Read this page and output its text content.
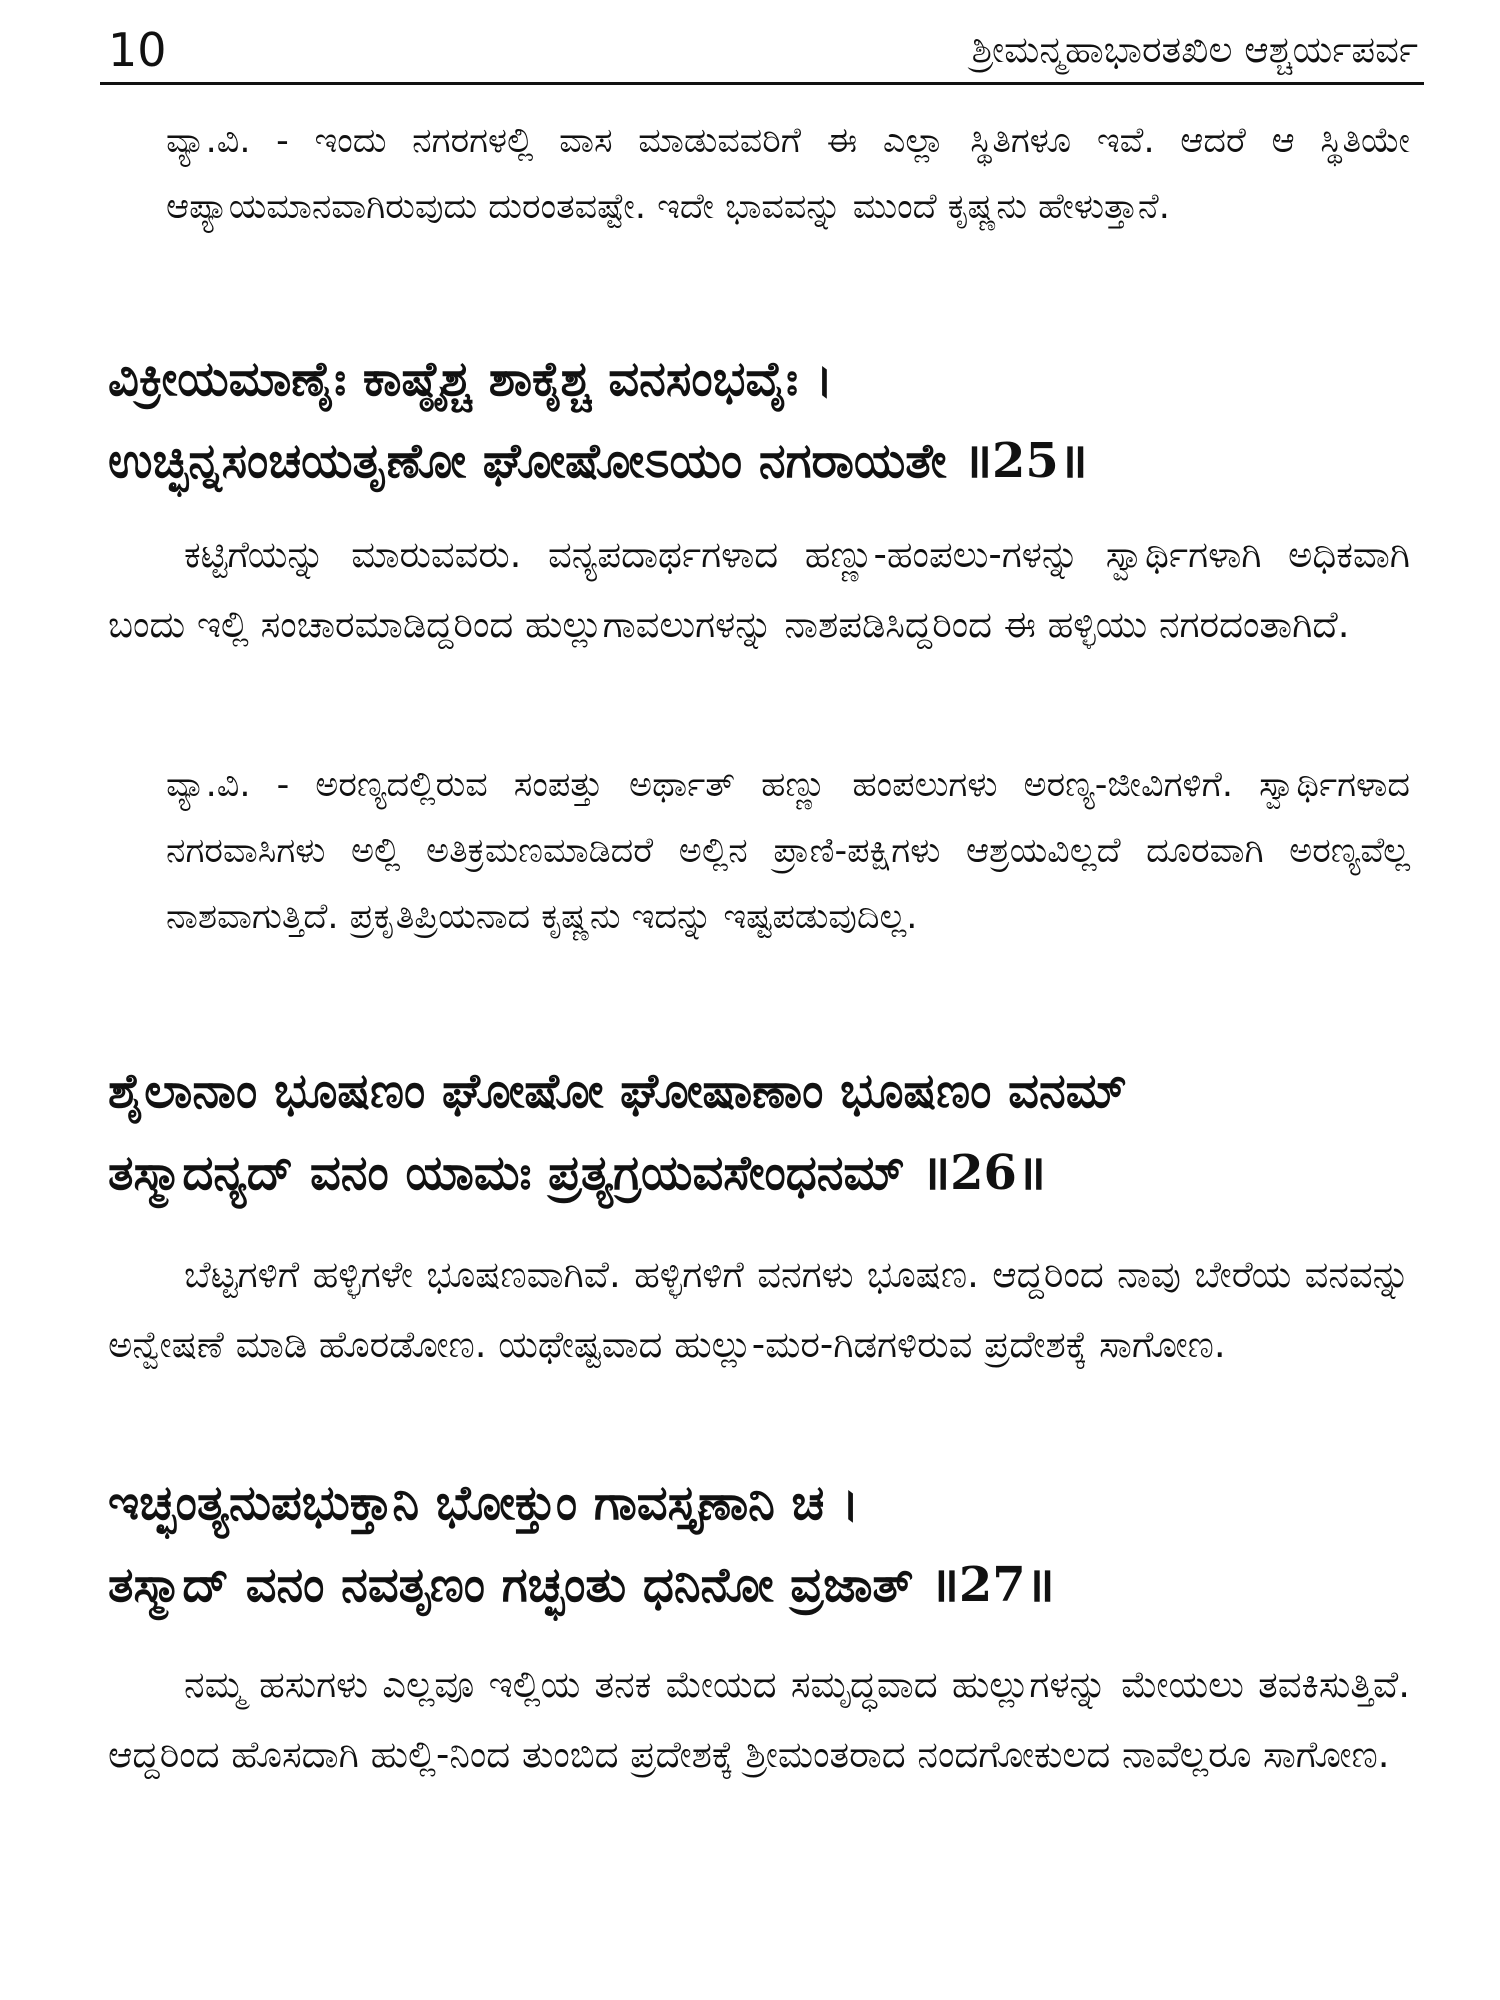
10	ಶ್ರೀಮನ್ಮಹಾಭಾರತಖಿಲ ಆಶ್ಚರ್ಯಪರ್ವ

ವ್ಯಾ.ವಿ. - ಇಂದು ನಗರಗಳಲ್ಲಿ ವಾಸ ಮಾಡುವವರಿಗೆ ಈ ಎಲ್ಲಾ ಸ್ಥಿತಿಗಳೂ ಇವೆ. ಆದರೆ ಆ ಸ್ಥಿತಿಯೇ ಆಪ್ಯಾಯಮಾನವಾಗಿರುವುದು ದುರಂತವಷ್ಟೇ. ಇದೇ ಭಾವವನ್ನು ಮುಂದೆ ಕೃಷ್ಣನು ಹೇಳುತ್ತಾನೆ.

ವಿಕ್ರೀಯಮಾಣೈಃ ಕಾಷ್ಠೈಶ್ಚ ಶಾಕೈಶ್ಚ ವನಸಂಭವೈಃ ।
ಉಚ್ಛಿನ್ನಸಂಚಯತೃಣೋ ಘೋಷೋಽಯಂ ನಗರಾಯತೇ ॥25॥

ಕಟ್ಟಿಗೆಯನ್ನು ಮಾರುವವರು. ವನ್ಯಪದಾರ್ಥಗಳಾದ ಹಣ್ಣು-ಹಂಪಲು-ಗಳನ್ನು ಸ್ವಾರ್ಥಿಗಳಾಗಿ ಅಧಿಕವಾಗಿ ಬಂದು ಇಲ್ಲಿ ಸಂಚಾರಮಾಡಿದ್ದರಿಂದ ಹುಲ್ಲುಗಾವಲುಗಳನ್ನು ನಾಶಪಡಿಸಿದ್ದರಿಂದ ಈ ಹಳ್ಳಿಯು ನಗರದಂತಾಗಿದೆ.

ವ್ಯಾ.ವಿ. - ಅರಣ್ಯದಲ್ಲಿರುವ ಸಂಪತ್ತು ಅರ್ಥಾತ್ ಹಣ್ಣು ಹಂಪಲುಗಳು ಅರಣ್ಯ-ಜೀವಿಗಳಿಗೆ. ಸ್ವಾರ್ಥಿಗಳಾದ ನಗರವಾಸಿಗಳು ಅಲ್ಲಿ ಅತಿಕ್ರಮಣಮಾಡಿದರೆ ಅಲ್ಲಿನ ಪ್ರಾಣಿ-ಪಕ್ಷಿಗಳು ಆಶ್ರಯವಿಲ್ಲದೆ ದೂರವಾಗಿ ಅರಣ್ಯವೆಲ್ಲ ನಾಶವಾಗುತ್ತಿದೆ. ಪ್ರಕೃತಿಪ್ರಿಯನಾದ ಕೃಷ್ಣನು ಇದನ್ನು ಇಷ್ಟಪಡುವುದಿಲ್ಲ.

ಶೈಲಾನಾಂ ಭೂಷಣಂ ಘೋಷೋ ಘೋಷಾಣಾಂ ಭೂಷಣಂ ವನಮ್
ತಸ್ಮಾದನ್ಯದ್ ವನಂ ಯಾಮಃ ಪ್ರತ್ಯಗ್ರಯವಸೇಂಧನಮ್ ॥26॥

ಬೆಟ್ಟಗಳಿಗೆ ಹಳ್ಳಿಗಳೇ ಭೂಷಣವಾಗಿವೆ. ಹಳ್ಳಿಗಳಿಗೆ ವನಗಳು ಭೂಷಣ. ಆದ್ದರಿಂದ ನಾವು ಬೇರೆಯ ವನವನ್ನು ಅನ್ವೇಷಣೆ ಮಾಡಿ ಹೊರಡೋಣ. ಯಥೇಷ್ಟವಾದ ಹುಲ್ಲು-ಮರ-ಗಿಡಗಳಿರುವ ಪ್ರದೇಶಕ್ಕೆ ಸಾಗೋಣ.

ಇಚ್ಛಂತ್ಯನುಪಭುಕ್ತಾನಿ ಭೋಕ್ತುಂ ಗಾವಸ್ತೃಣಾನಿ ಚ ।
ತಸ್ಮಾದ್ ವನಂ ನವತೃಣಂ ಗಚ್ಛಂತು ಧನಿನೋ ವ್ರಜಾತ್ ॥27॥

ನಮ್ಮ ಹಸುಗಳು ಎಲ್ಲವೂ ಇಲ್ಲಿಯ ತನಕ ಮೇಯದ ಸಮೃದ್ಧವಾದ ಹುಲ್ಲುಗಳನ್ನು ಮೇಯಲು ತವಕಿಸುತ್ತಿವೆ. ಆದ್ದರಿಂದ ಹೊಸದಾಗಿ ಹುಲ್ಲಿ-ನಿಂದ ತುಂಬಿದ ಪ್ರದೇಶಕ್ಕೆ ಶ್ರೀಮಂತರಾದ ನಂದಗೋಕುಲದ ನಾವೆಲ್ಲರೂ ಸಾಗೋಣ.
